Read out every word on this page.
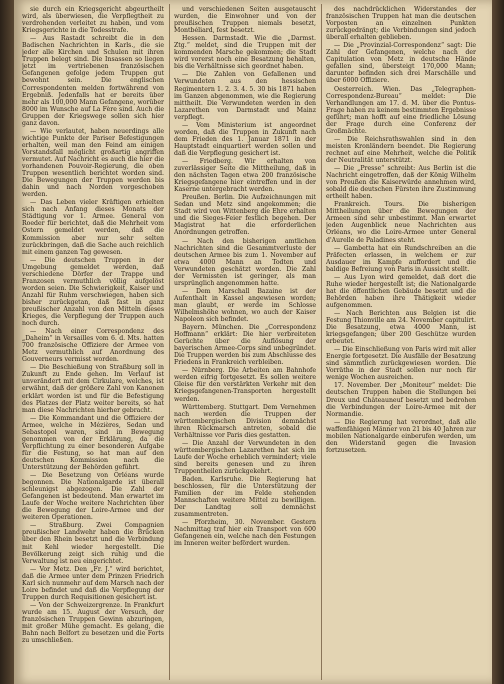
sie durch ein Kriegsgericht abgeurtheilt wird, als überwiesen, die Verpflegtheit zu verdrohenden verleitet zu haben, und vom Kriegsgerichte in die Todesstrafe.

— Aus Rastadt schreibt die in den Badischen Nachrichten in Karls., die sie jeder alle Kirchen und Schulen mit ihren Truppen belegt sind. Die Insassen so liegen jetzt im vertriebenen französischen Gefangenen gefolge jedem Truppen gut bewohnt sein. Die englischen Correspondenten melden fortwährend von Ergebniß. Jedenfalls hat er bereits über mehr als 100,000 Mann Gefangene, worüber 8000 im Wunsche auf La Fère sind. Auch die Gruppen der Kriegswege sollen sich hier ganz davon.

— Wie verlautet, haben neuerdings alle wichtige Punkte der Pariser Befestigungen erhalten, weil man den Feind am einigen Vorstandsfall möglicht großartig angriffen vermutet. Auf Nachricht es auch die hier die vorhandenen Pouvoir-Regierung, die oben Truppen wesentlich berichtet worden sind. Die Bewegungen der Truppen werden bis dahin und nach Norden vorgeschoben werden.

— Das Leben vieler Kräftigen erhielten sich nach Anfang dieses Monats der Städtigung vor 1. Armee. General von Roeder für berichtet, daß die Mehrheit vom Ostern gemeldet werden, daß die Kommission aber nur sehr selten zurückbringen, daß die Sache auch reichlich mit einem ganzen Tag gewesen.

— Die deutschen Truppen in der Umgebung gemeldet werden, daß verschiedene Dörfer der Trappe und Franzosen vermuthlich völlig aufgelöst worden seien. Die Schwierigkeit, Kaiser und Anzahl für Ruhm verschwiegen, haben sich bisher zurückgetan, daß fast in ganz preußischer Anzahl von den Mitteln dieses Krieges, die Verpflegung der Truppen auch noch durch.

— Nach einer Correspondenz des „Daheim“ in Versailles vom 6. d. Mts. hatten 700 französische Offiziere der Armee von Metz vermuthlich auf Anordnung des Gouverneurs vermisst worden.

— Die Beschießung von Straßburg soll in Zukunft zu Ende gehen. Im Verlauf ist unverändert mit dem Cirkulare, welches, ist erwähnt, daß der größere Zahl von Kanonen erklärt worden ist und für die Befestigung des Platzes der Platz weiter bereits, so hat man diese Nachrichten hierher gebracht.

— Die Kommandant und die Offiziere der Armee, welche in Mézières, Sedan und Sebastopol waren, sind in Bewegung genommen von der Erklärung, da die Verpflichtung zu einer besonderen Aufgabe für die Festung, so hat man auf den deutschen Kommission nach die Unterstützung der Behörden geführt.

— Die Besetzung von Orléans wurde begonnen. Die Nationalgarde ist überall schleunigst abgezogen. Die Zahl der Gefangenen ist bedeutend. Man erwartet im Laufe der Woche weitere Nachrichten über die Bewegung der Loire-Armee und der weiteren Operationen.

— Straßburg. Zwei Compagnien preußischer Landwehr haben die Brücken über den Rhein besetzt und die Verbindung mit Kehl wieder hergestellt. Die Bevölkerung zeigt sich ruhig und die Verwaltung ist neu eingerichtet.

— Vor Metz. Den „Fr. J.“ wird berichtet, daß die Armee unter dem Prinzen Friedrich Karl sich nunmehr auf dem Marsch nach der Loire befindet und daß die Verpflegung der Truppen durch Requisitionen gesichert ist.

— Von der Schweizergrenze. In Frankfurt wurde am 15. August der Versuch, der französischen Truppen Gewinn abzuringen, mit großer Mühe gemacht. Es gelang, die Bahn nach Belfort zu besetzen und die Forts zu umschließen.

und verschiedenen Seiten ausgetauscht wurden, die Einwohner und von der preußischen Truppen niemals besetzt, Montbéliard, fest besetzt.

Hessen. Darmstadt. Wie die „Darmst. Ztg.“ meldet, sind die Truppen mit der kommenden Marsche gekommen; die Stadt wird vorerst noch eine Besatzung behalten, bis die Verhältnisse sich geordnet haben.

— Die Zahlen von Gefallenen und Verwundeten aus den hessischen Regimentern 1. 2. 3. 4. 5. 30 bis 1871 haben im Ganzen abgenommen, wie die Regierung mittheilt. Die Verwundeten werden in den Lazarethen von Darmstadt und Mainz verpflegt.

— Vom Ministerium ist angeordnet worden, daß die Truppen in Zukunft nach dem Frieden des 1. Januar 1871 in der Hauptstadt einquartiert werden sollen und daß die Verpflegung gesichert ist.

— Friedberg. Wir erhalten von zuverlässiger Seite die Mittheilung, daß in den nächsten Tagen etwa 200 französische Kriegsgefangene hier eintreffen und in der Kaserne untergebracht werden.

Preußen. Berlin. Die Aufzeichnungen mit Sedan und Metz sind angekommen; die Stadt wird von Wittenberg die Ehre erhalten und die Sieges-Feier festlich begehen. Der Magistrat hat die erforderlichen Anordnungen getroffen.

— Nach den bisherigen amtlichen Nachrichten sind die Gesammtverluste der deutschen Armee bis zum 1. November auf etwa 4000 Mann an Todten und Verwundeten geschätzt worden. Die Zahl der Vermissten ist geringer, als man ursprünglich angenommen hatte.

— Dem Marschall Bazaine ist der Aufenthalt in Kassel angewiesen worden; man glaubt, er werde im Schlosse Wilhelmshöhe wohnen, wo auch der Kaiser Napoleon sich befindet.

Bayern. München. Die „Correspondenz Hoffmann“ erklärt: Die hier verbreiteten Gerüchte über die Auflösung der bayerischen Armee-Corps sind unbegründet. Die Truppen werden bis zum Abschlusse des Friedens in Frankreich verbleiben.

— Nürnberg. Die Arbeiten am Bahnhofe werden eifrig fortgesetzt. Es sollen weitere Gleise für den verstärkten Verkehr mit den Kriegsgefangenen-Transporten hergestellt werden.

Württemberg. Stuttgart. Dem Vernehmen nach werden die Truppen der württembergischen Division demnächst ihren Rückmarsch antreten, sobald die Verhältnisse vor Paris dies gestatten.

— Die Anzahl der Verwundeten in den württembergischen Lazarethen hat sich im Laufe der Woche erheblich vermindert; viele sind bereits genesen und zu ihren Truppentheilen zurückgekehrt.

Baden. Karlsruhe. Die Regierung hat beschlossen, für die Unterstützung der Familien der im Felde stehenden Mannschaften weitere Mittel zu bewilligen. Der Landtag soll demnächst zusammentreten.

— Pforzheim, 30. November. Gestern Nachmittag traf hier ein Transport von 600 Gefangenen ein, welche nach den Festungen im Inneren weiter befördert wurden.

des nachdrücklichen Widerstandes der französischen Truppen hat man die deutschen Vorposten an einzelnen Punkten zurückgedrängt; die Verbindungen sind jedoch überall erhalten geblieben.

— Die „Provinzial-Correspondenz“ sagt: Die Zahl der Gefangenen, welche nach der Capitulation von Metz in deutsche Hände gefallen sind, übersteigt 170,000 Mann; darunter befinden sich drei Marschälle und über 6000 Offiziere.

Oesterreich. Wien. Das „Telegraphen-Correspondenz-Bureau“ meldet: Die Verhandlungen am 17. d. M. über die Pontus-Frage haben zu keinem bestimmten Ergebnisse geführt; man hofft auf eine friedliche Lösung der Frage durch eine Conferenz der Großmächte.

— Die Reichsrathswahlen sind in den meisten Kronländern beendet. Die Regierung rechnet auf eine Mehrheit, welche die Politik der Neutralität unterstützt.

— Die „Presse“ schreibt: Aus Berlin ist die Nachricht eingetroffen, daß der König Wilhelm von Preußen die Kaiserwürde annehmen wird, sobald die deutschen Fürsten ihre Zustimmung ertheilt haben.

Frankreich. Tours. Die bisherigen Mittheilungen über die Bewegungen der Armeen sind sehr unbestimmt. Man erwartet jeden Augenblick neue Nachrichten aus Orléans, wo die Loire-Armee unter General d'Aurelle de Paladines steht.

— Gambetta hat ein Rundschreiben an die Präfecten erlassen, in welchem er zur Ausdauer im Kampfe auffordert und die baldige Befreiung von Paris in Aussicht stellt.

— Aus Lyon wird gemeldet, daß dort die Ruhe wieder hergestellt ist; die Nationalgarde hat die öffentlichen Gebäude besetzt und die Behörden haben ihre Thätigkeit wieder aufgenommen.

— Nach Berichten aus Belgien ist die Festung Thionville am 24. November capitulirt. Die Besatzung, etwa 4000 Mann, ist kriegsgefangen; über 200 Geschütze wurden erbeutet.

— Die Einschließung von Paris wird mit aller Energie fortgesetzt. Die Ausfälle der Besatzung sind sämmtlich zurückgewiesen worden. Die Vorräthe in der Stadt sollen nur noch für wenige Wochen ausreichen.

17. November. Der „Moniteur“ meldet: Die deutschen Truppen haben die Stellungen bei Dreux und Châteauneuf besetzt und bedrohen die Verbindungen der Loire-Armee mit der Normandie.

— Die Regierung hat verordnet, daß alle waffenfähigen Männer von 21 bis 40 Jahren zur mobilen Nationalgarde einberufen werden, um den Widerstand gegen die Invasion fortzusetzen.
